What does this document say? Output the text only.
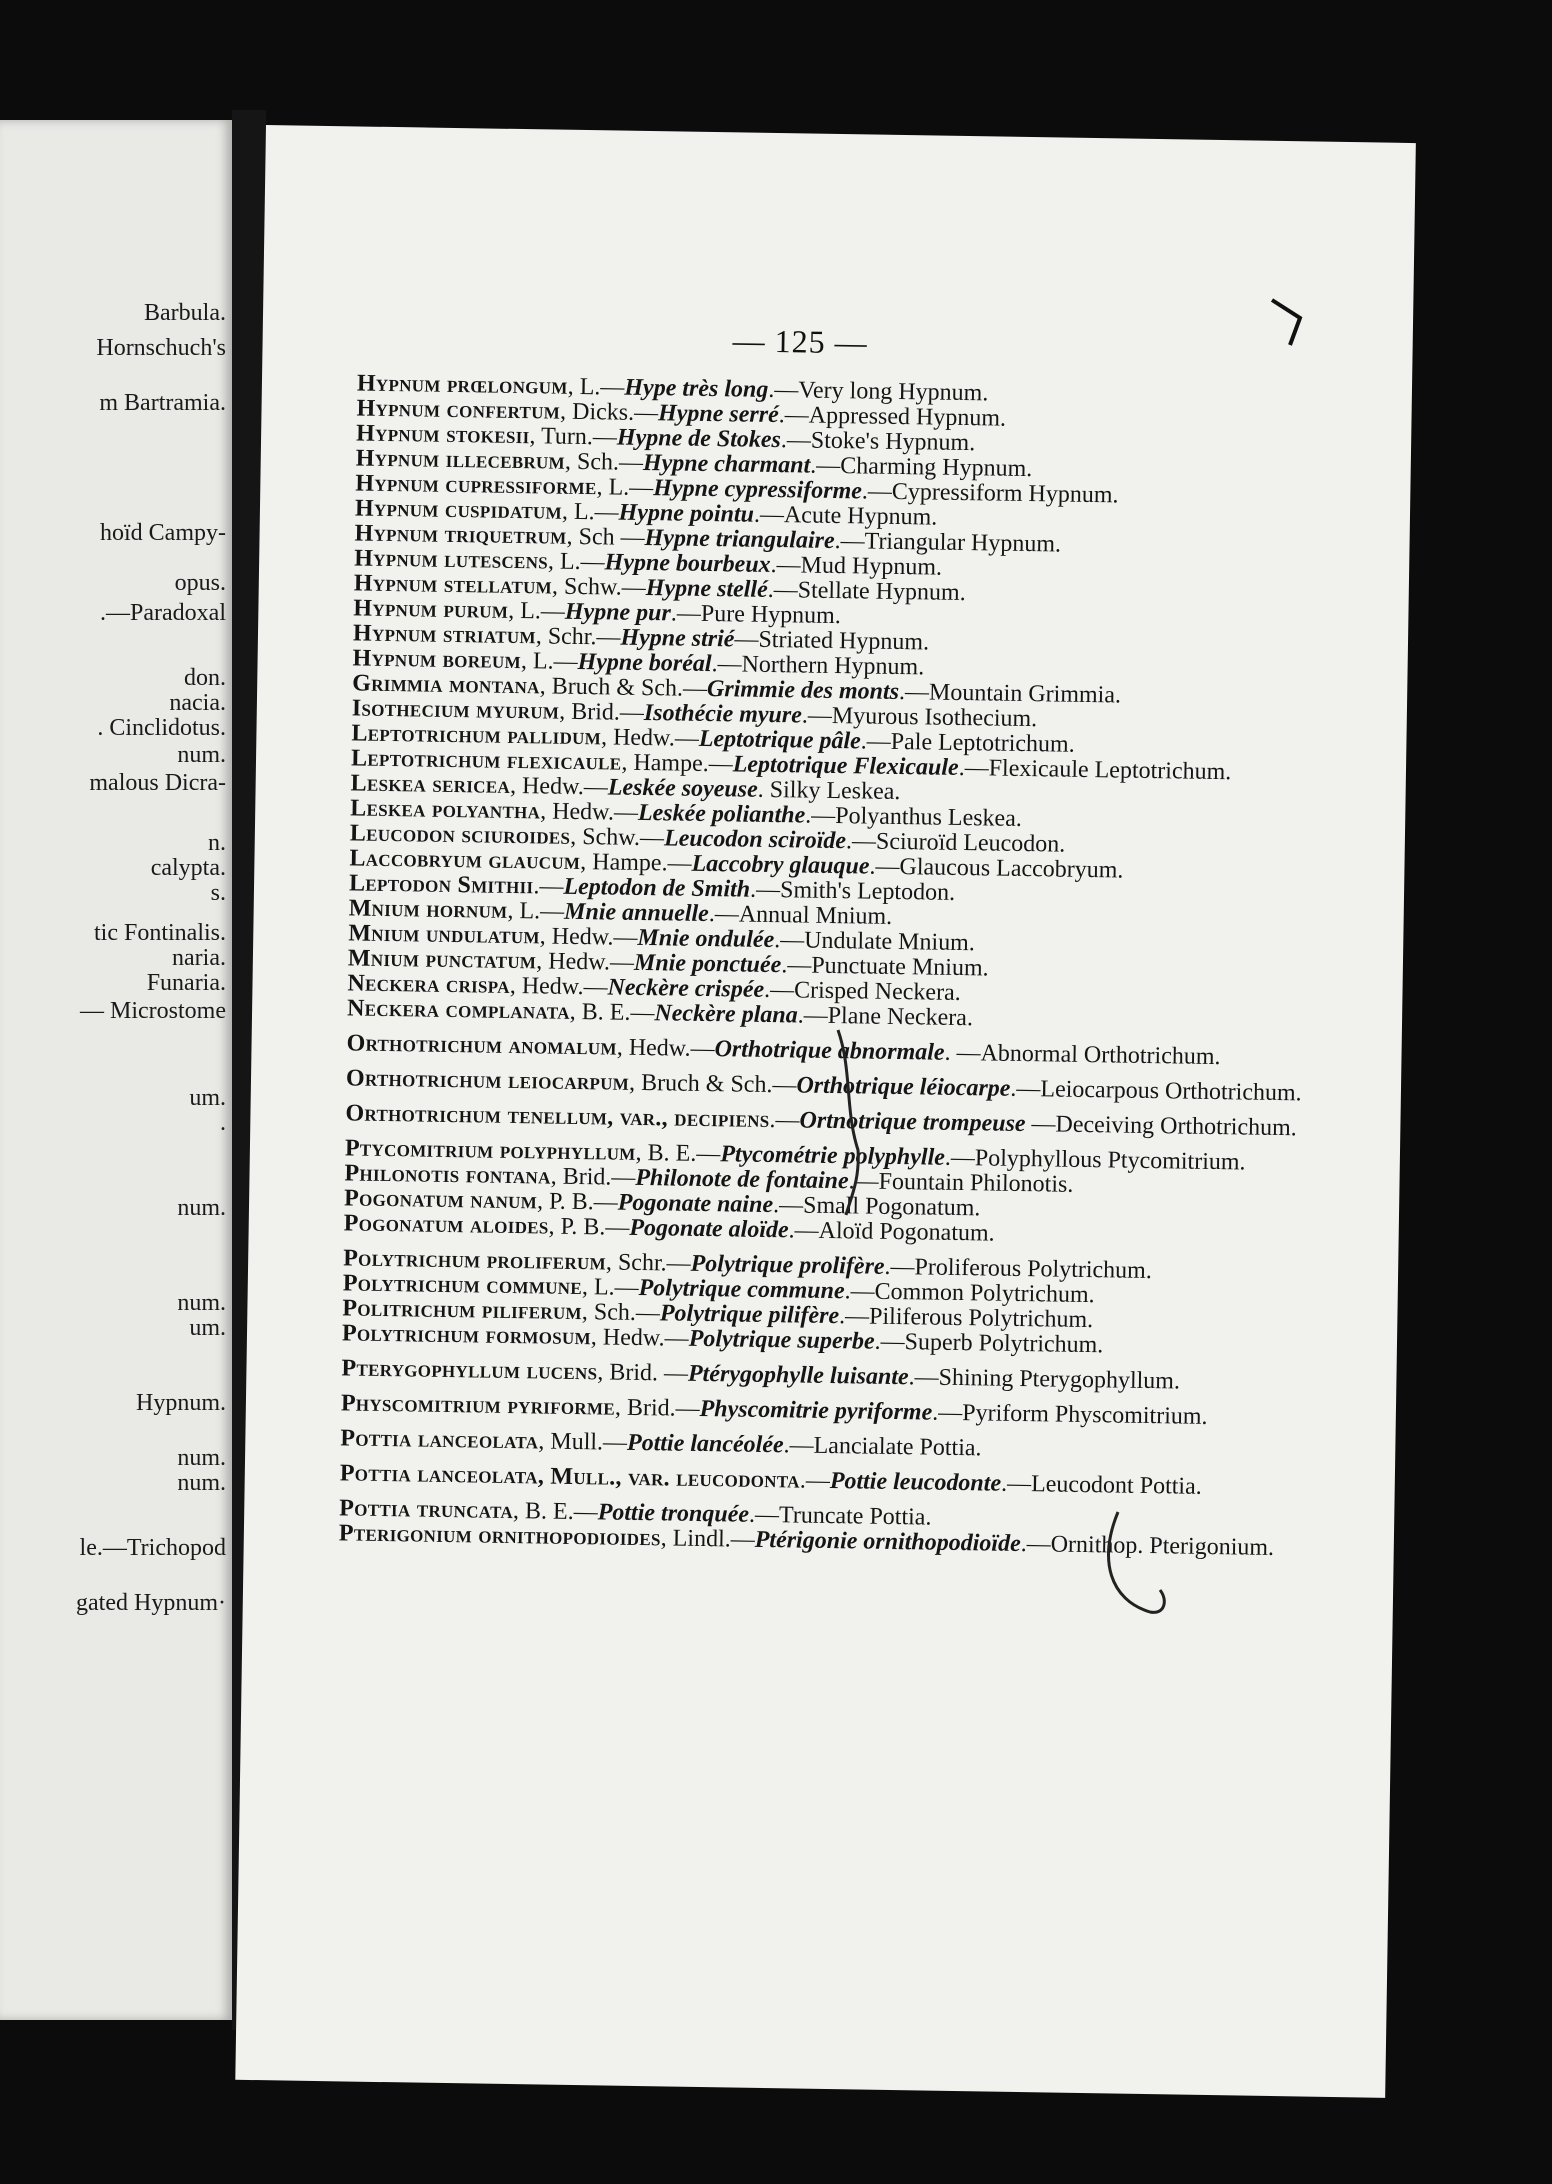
Barbula.
Hornschuch's
m Bartramia.
hoïd Campy-
opus.
.—Paradoxal
don.
nacia.
. Cinclidotus.
num.
malous Dicra-
n.
calypta.
s.
tic Fontinalis.
naria.
Funaria.
— Microstome
um.
.
num.
num.
um.
Hypnum.
num.
num.
le.—Trichopod
gated Hypnum·
— 125 —

Hypnum prœlongum, L.—Hype très long.—Very long Hypnum.

Hypnum confertum, Dicks.—Hypne serré.—Appressed Hypnum.

Hypnum stokesii, Turn.—Hypne de Stokes.—Stoke's Hypnum.

Hypnum illecebrum, Sch.—Hypne charmant.—Charming Hypnum.

Hypnum cupressiforme, L.—Hypne cypressiforme.—Cypressiform Hypnum.

Hypnum cuspidatum, L.—Hypne pointu.—Acute Hypnum.

Hypnum triquetrum, Sch —Hypne triangulaire.—Triangular Hypnum.

Hypnum lutescens, L.—Hypne bourbeux.—Mud Hypnum.

Hypnum stellatum, Schw.—Hypne stellé.—Stellate Hypnum.

Hypnum purum, L.—Hypne pur.—Pure Hypnum.

Hypnum striatum, Schr.—Hypne strié—Striated Hypnum.

Hypnum boreum, L.—Hypne boréal.—Northern Hypnum.

Grimmia montana, Bruch & Sch.—Grimmie des monts.—Mountain Grimmia.

Isothecium myurum, Brid.—Isothécie myure.—Myurous Isothecium.

Leptotrichum pallidum, Hedw.—Leptotrique pâle.—Pale Leptotrichum.

Leptotrichum flexicaule, Hampe.—Leptotrique Flexicaule.—Flexicaule Leptotrichum.

Leskea sericea, Hedw.—Leskée soyeuse. Silky Leskea.

Leskea polyantha, Hedw.—Leskée polianthe.—Polyanthus Leskea.

Leucodon sciuroides, Schw.—Leucodon sciroïde.—Sciuroïd Leucodon.

Laccobryum glaucum, Hampe.—Laccobry glauque.—Glaucous Laccobryum.

Leptodon Smithii.—Leptodon de Smith.—Smith's Leptodon.

Mnium hornum, L.—Mnie annuelle.—Annual Mnium.

Mnium undulatum, Hedw.—Mnie ondulée.—Undulate Mnium.

Mnium punctatum, Hedw.—Mnie ponctuée.—Punctuate Mnium.

Neckera crispa, Hedw.—Neckère crispée.—Crisped Neckera.

Neckera complanata, B. E.—Neckère plana.—Plane Neckera.

Orthotrichum anomalum, Hedw.—Orthotrique abnormale. —Abnormal Orthotrichum.

Orthotrichum leiocarpum, Bruch & Sch.—Orthotrique léiocarpe.—Leiocarpous Orthotrichum.

Orthotrichum tenellum, var., decipiens.—Ortnotrique trompeuse —Deceiving Orthotrichum.

Ptycomitrium polyphyllum, B. E.—Ptycométrie polyphylle.—Polyphyllous Ptycomitrium.

Philonotis fontana, Brid.—Philonote de fontaine.—Fountain Philonotis.

Pogonatum nanum, P. B.—Pogonate naine.—Small Pogonatum.

Pogonatum aloides, P. B.—Pogonate aloïde.—Aloïd Pogonatum.

Polytrichum proliferum, Schr.—Polytrique prolifère.—Proliferous Polytrichum.

Polytrichum commune, L.—Polytrique commune.—Common Polytrichum.

Politrichum piliferum, Sch.—Polytrique pilifère.—Piliferous Polytrichum.

Polytrichum formosum, Hedw.—Polytrique superbe.—Superb Polytrichum.

Pterygophyllum lucens, Brid. —Ptérygophylle luisante.—Shining Pterygophyllum.

Physcomitrium pyriforme, Brid.—Physcomitrie pyriforme.—Pyriform Physcomitrium.

Pottia lanceolata, Mull.—Pottie lancéolée.—Lancialate Pottia.

Pottia lanceolata, Mull., var. leucodonta.—Pottie leucodonte.—Leucodont Pottia.

Pottia truncata, B. E.—Pottie tronquée.—Truncate Pottia.

Pterigonium ornithopodioides, Lindl.—Ptérigonie ornithopodioïde.—Ornithop. Pterigonium.
